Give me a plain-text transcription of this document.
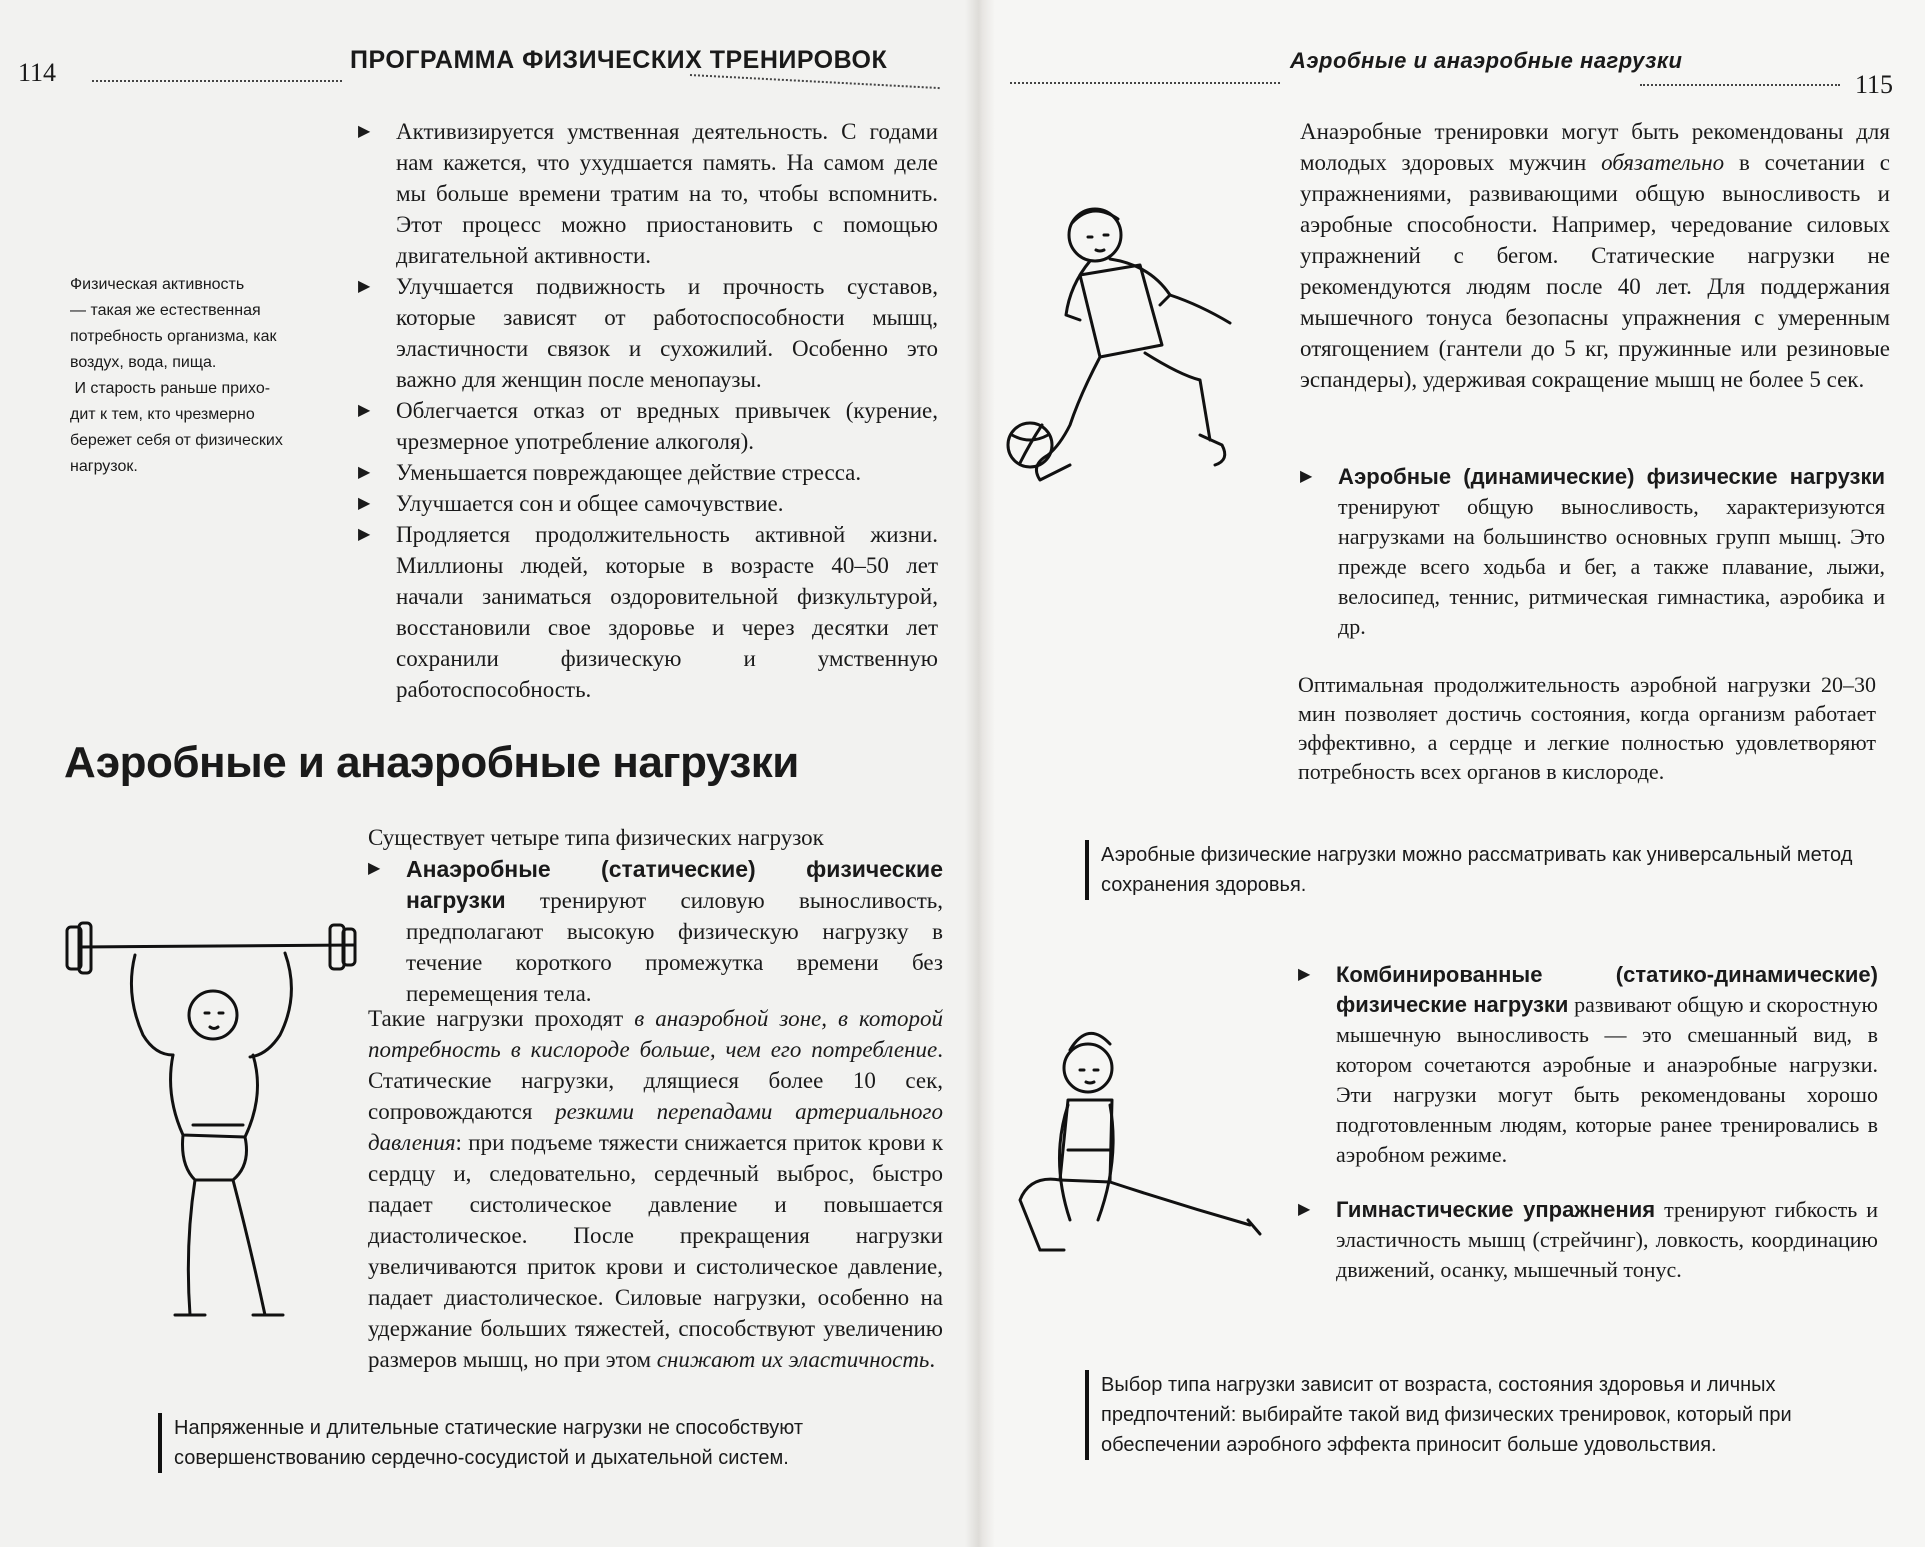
114	ПРОГРАММА ФИЗИЧЕСКИХ ТРЕНИРОВОК
Физическая активность
— такая же естественная
потребность организма, как
воздух, вода, пища.
И старость раньше прихо-
дит к тем, кто чрезмерно
бережет себя от физических
нагрузок.
▶ Активизируется умственная деятельность. С годами нам кажется, что ухудшается память. На самом деле мы больше времени тратим на то, чтобы вспомнить. Этот процесс можно приостановить с помощью двигательной активности.
▶ Улучшается подвижность и прочность суставов, которые зависят от работоспособности мышц, эластичности связок и сухожилий. Особенно это важно для женщин после менопаузы.
▶ Облегчается отказ от вредных привычек (курение, чрезмерное употребление алкоголя).
▶ Уменьшается повреждающее действие стресса.
▶ Улучшается сон и общее самочувствие.
▶ Продляется продолжительность активной жизни. Миллионы людей, которые в возрасте 40–50 лет начали заниматься оздоровительной физкультурой, восстановили свое здоровье и через десятки лет сохранили физическую и умственную работоспособность.
Аэробные и анаэробные нагрузки
Существует четыре типа физических нагрузок
▶	Анаэробные (статические) физические нагрузки тренируют силовую выносливость, предполагают высокую физическую нагрузку в течение короткого промежутка времени без перемещения тела.
Такие нагрузки проходят в анаэробной зоне, в которой потребность в кислороде больше, чем его потребление. Статические нагрузки, длящиеся более 10 сек, сопровождаются резкими перепадами артериального давления: при подъеме тяжести снижается приток крови к сердцу и, следовательно, сердечный выброс, быстро падает систолическое давление и повышается диастолическое. После прекращения нагрузки увеличиваются приток крови и систолическое давление, падает диастолическое. Силовые нагрузки, особенно на удержание больших тяжестей, способствуют увеличению размеров мышц, но при этом снижают их эластичность.
Напряженные и длительные статические нагрузки не способствуют совершенствованию сердечно-сосудистой и дыхательной систем.
Аэробные и анаэробные нагрузки
115
Анаэробные тренировки могут быть рекомендованы для молодых здоровых мужчин обязательно в сочетании с упражнениями, развивающими общую выносливость и аэробные способности. Например, чередование силовых упражнений с бегом. Статические нагрузки не рекомендуются людям после 40 лет. Для поддержания мышечного тонуса безопасны упражнения с умеренным отягощением (гантели до 5 кг, пружинные или резиновые эспандеры), удерживая сокращение мышц не более 5 сек.
▶	Аэробные (динамические) физические нагрузки тренируют общую выносливость, характеризуются нагрузками на большинство основных групп мышц. Это прежде всего ходьба и бег, а также плавание, лыжи, велосипед, теннис, ритмическая гимнастика, аэробика и др.
Оптимальная продолжительность аэробной нагрузки 20–30 мин позволяет достичь состояния, когда организм работает эффективно, а сердце и легкие полностью удовлетворяют потребность всех органов в кислороде.
Аэробные физические нагрузки можно рассматривать как универсальный метод сохранения здоровья.
▶	Комбинированные (статико-динамические) физические нагрузки развивают общую и скоростную мышечную выносливость — это смешанный вид, в котором сочетаются аэробные и анаэробные нагрузки. Эти нагрузки могут быть рекомендованы хорошо подготовленным людям, которые ранее тренировались в аэробном режиме.
▶	Гимнастические упражнения тренируют гибкость и эластичность мышц (стрейчинг), ловкость, координацию движений, осанку, мышечный тонус.
Выбор типа нагрузки зависит от возраста, состояния здоровья и личных предпочтений: выбирайте такой вид физических тренировок, который при обеспечении аэробного эффекта приносит больше удовольствия.
